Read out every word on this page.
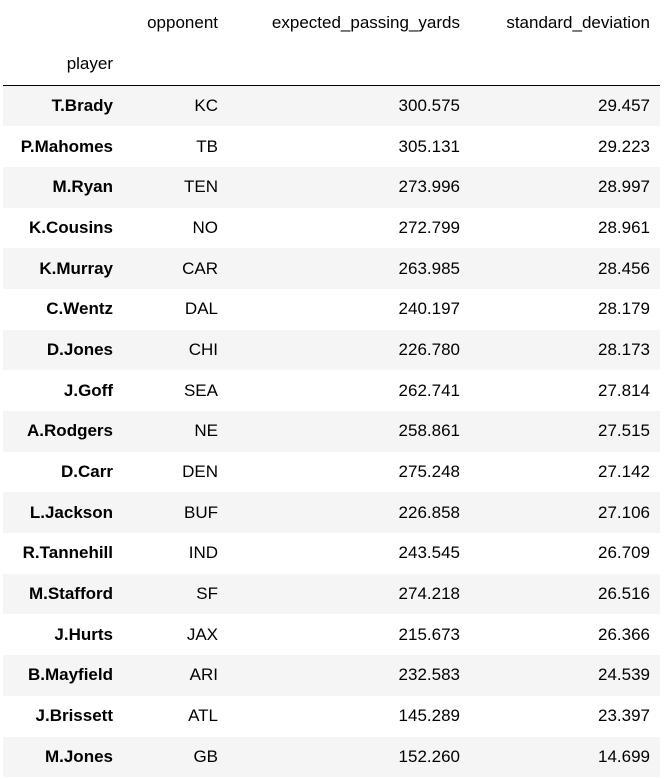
	opponent	expected_passing_yards	standard_deviation
player			
T.Brady	KC	300.575	29.457
P.Mahomes	TB	305.131	29.223
M.Ryan	TEN	273.996	28.997
K.Cousins	NO	272.799	28.961
K.Murray	CAR	263.985	28.456
C.Wentz	DAL	240.197	28.179
D.Jones	CHI	226.780	28.173
J.Goff	SEA	262.741	27.814
A.Rodgers	NE	258.861	27.515
D.Carr	DEN	275.248	27.142
L.Jackson	BUF	226.858	27.106
R.Tannehill	IND	243.545	26.709
M.Stafford	SF	274.218	26.516
J.Hurts	JAX	215.673	26.366
B.Mayfield	ARI	232.583	24.539
J.Brissett	ATL	145.289	23.397
M.Jones	GB	152.260	14.699
